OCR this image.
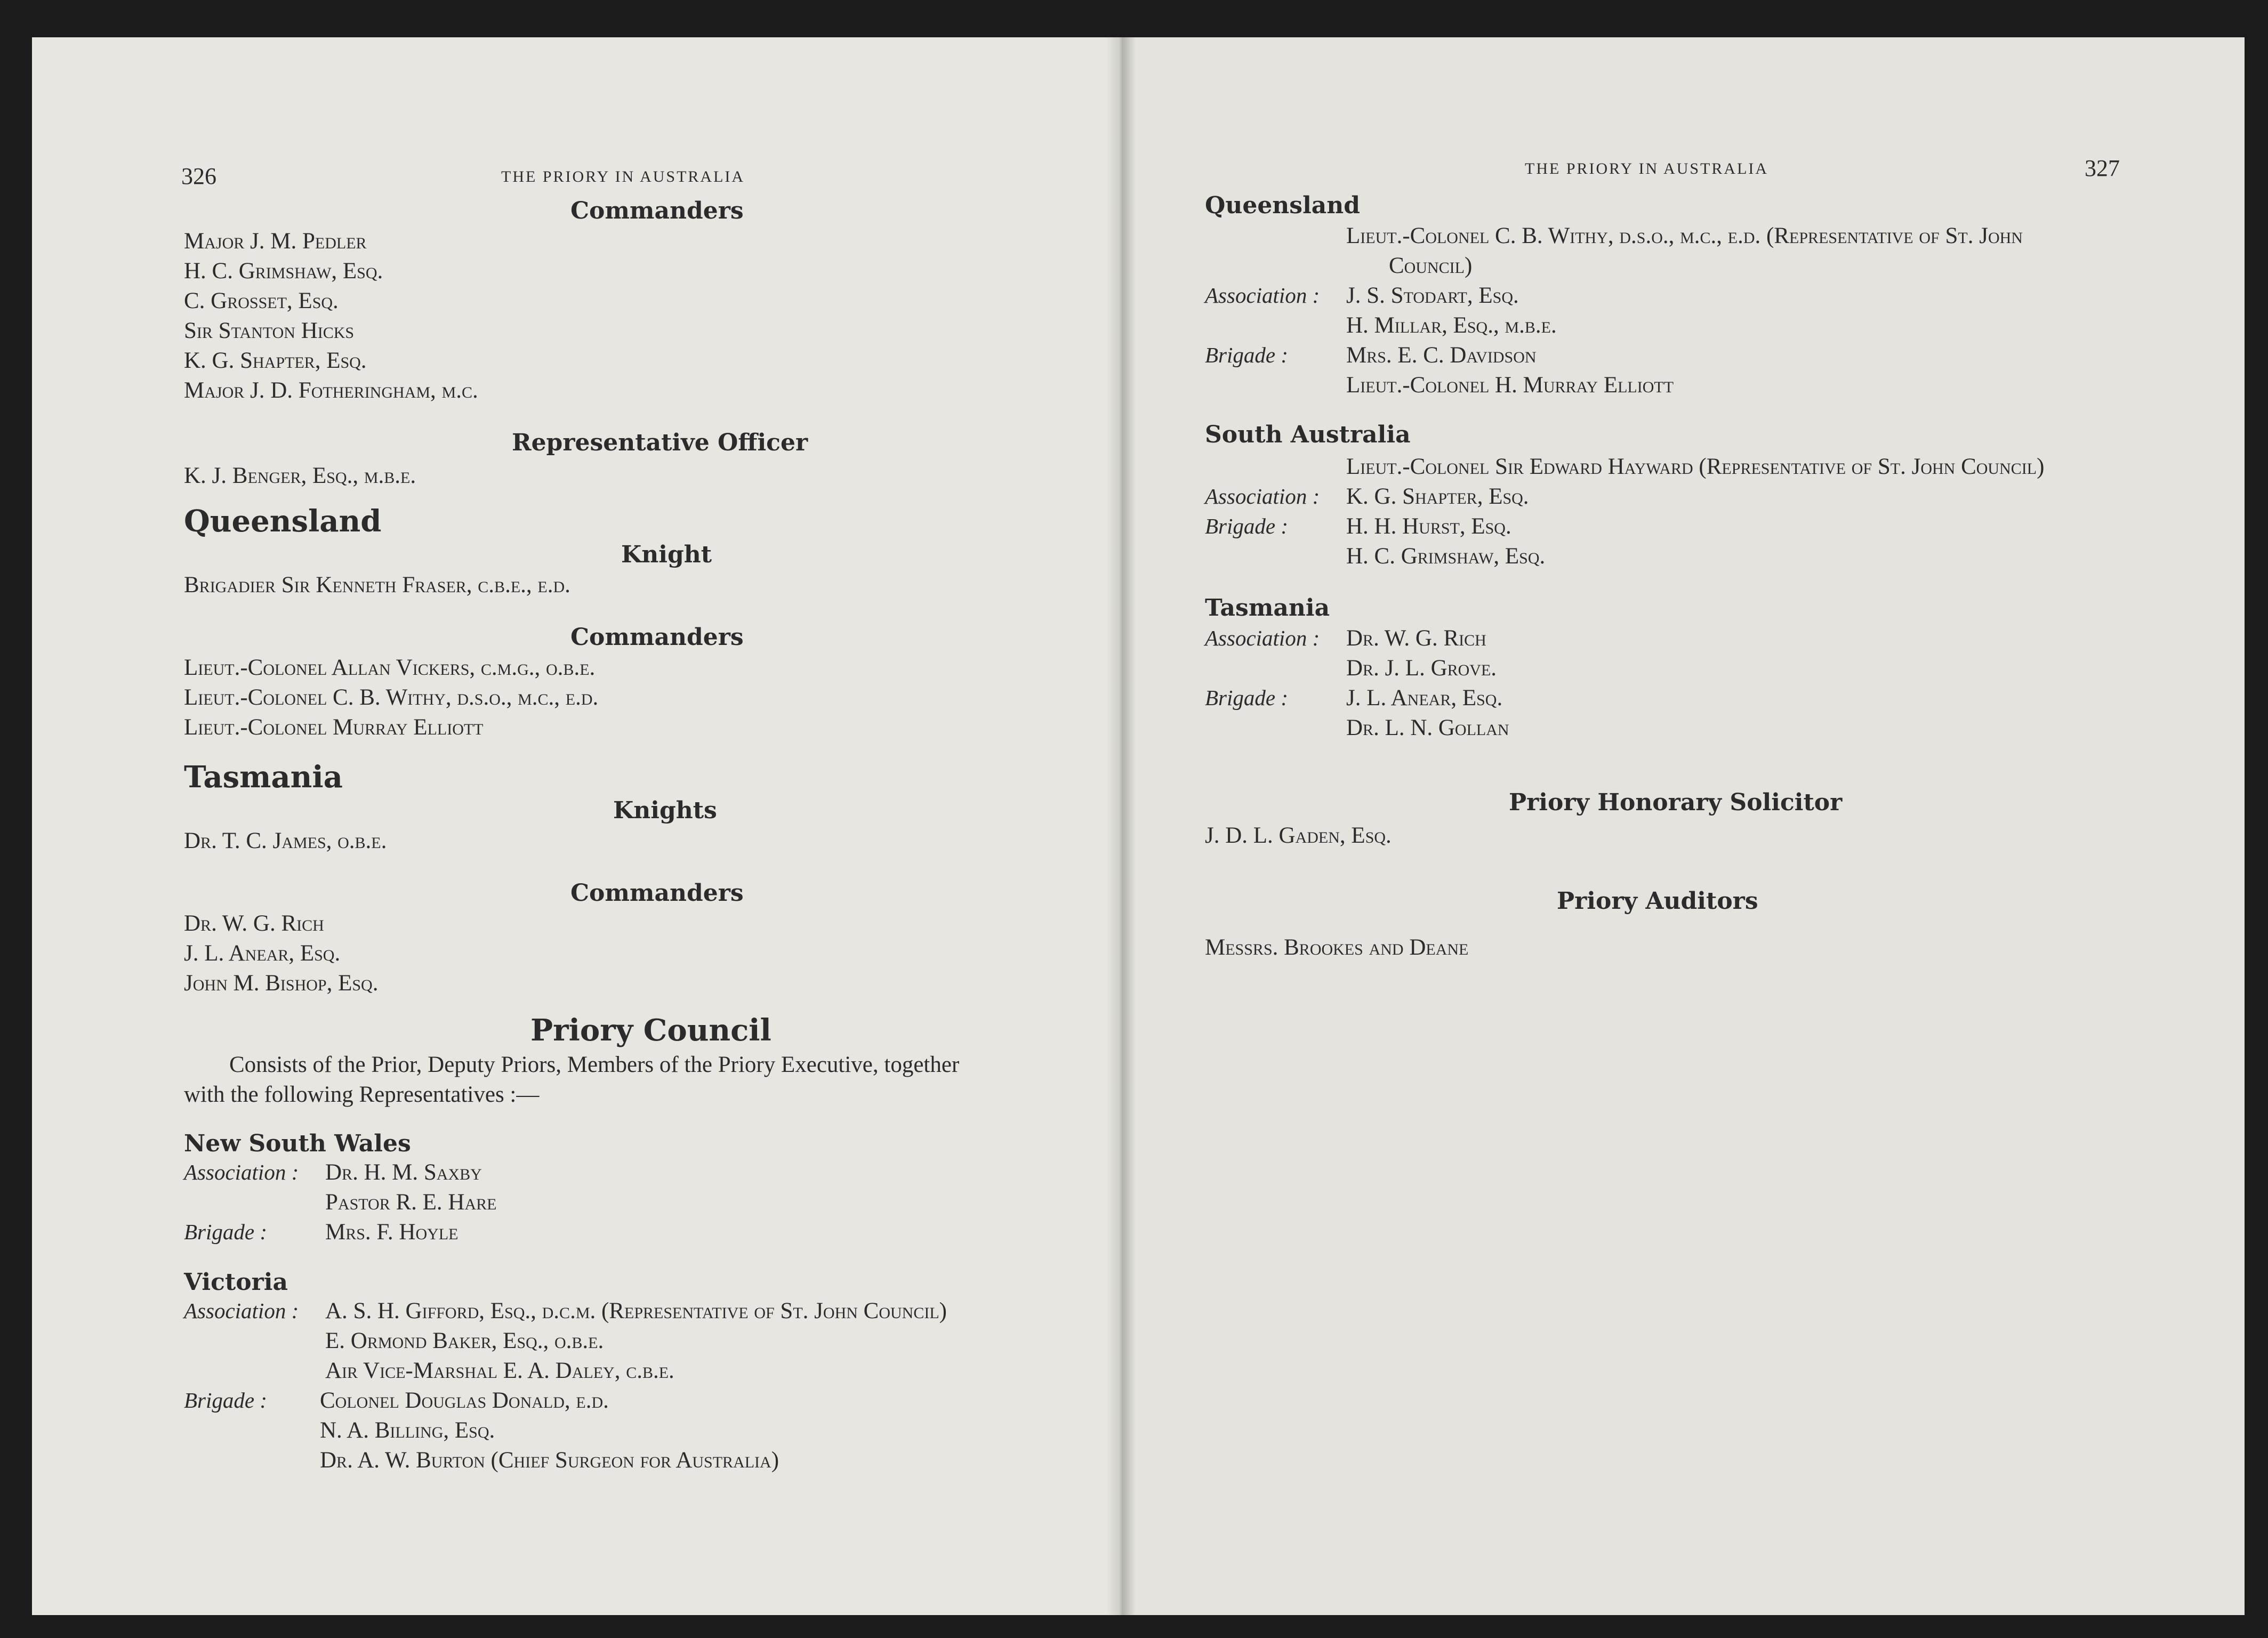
326	THE PRIORY IN AUSTRALIA
Commanders
Major J. M. Pedler
H. C. Grimshaw, Esq.
C. Grosset, Esq.
Sir Stanton Hicks
K. G. Shapter, Esq.
Major J. D. Fotheringham, m.c.
Representative Officer
K. J. Benger, Esq., m.b.e.
Queensland
Knight
Brigadier Sir Kenneth Fraser, c.b.e., e.d.
Commanders
Lieut.-Colonel Allan Vickers, c.m.g., o.b.e.
Lieut.-Colonel C. B. Withy, d.s.o., m.c., e.d.
Lieut.-Colonel Murray Elliott
Tasmania
Knights
Dr. T. C. James, o.b.e.
Commanders
Dr. W. G. Rich
J. L. Anear, Esq.
John M. Bishop, Esq.
Priory Council
Consists of the Prior, Deputy Priors, Members of the Priory Executive, together
with the following Representatives :—
New South Wales
Association : Dr. H. M. Saxby
Pastor R. E. Hare
Brigade :	Mrs. F. Hoyle
Victoria
Association : A. S. H. Gifford, Esq., d.c.m. (Representative of St. John Council)
E. Ormond Baker, Esq., o.b.e.
Air Vice-Marshal E. A. Daley, c.b.e.
Brigade : Colonel Douglas Donald, e.d.
N. A. Billing, Esq.
Dr. A. W. Burton (Chief Surgeon for Australia)
THE PRIORY IN AUSTRALIA	327
Queensland
Lieut.-Colonel C. B. Withy, d.s.o., m.c., e.d. (Representative of St. John
Council)
Association : J. S. Stodart, Esq.
H. Millar, Esq., m.b.e.
Brigade :	Mrs. E. C. Davidson
Lieut.-Colonel H. Murray Elliott
South Australia
Lieut.-Colonel Sir Edward Hayward (Representative of St. John Council)
Association : K. G. Shapter, Esq.
Brigade :	H. H. Hurst, Esq.
H. C. Grimshaw, Esq.
Tasmania
Association : Dr. W. G. Rich
Dr. J. L. Grove.
Brigade :	J. L. Anear, Esq.
Dr. L. N. Gollan
Priory Honorary Solicitor
J. D. L. Gaden, Esq.
Priory Auditors
Messrs. Brookes and Deane
